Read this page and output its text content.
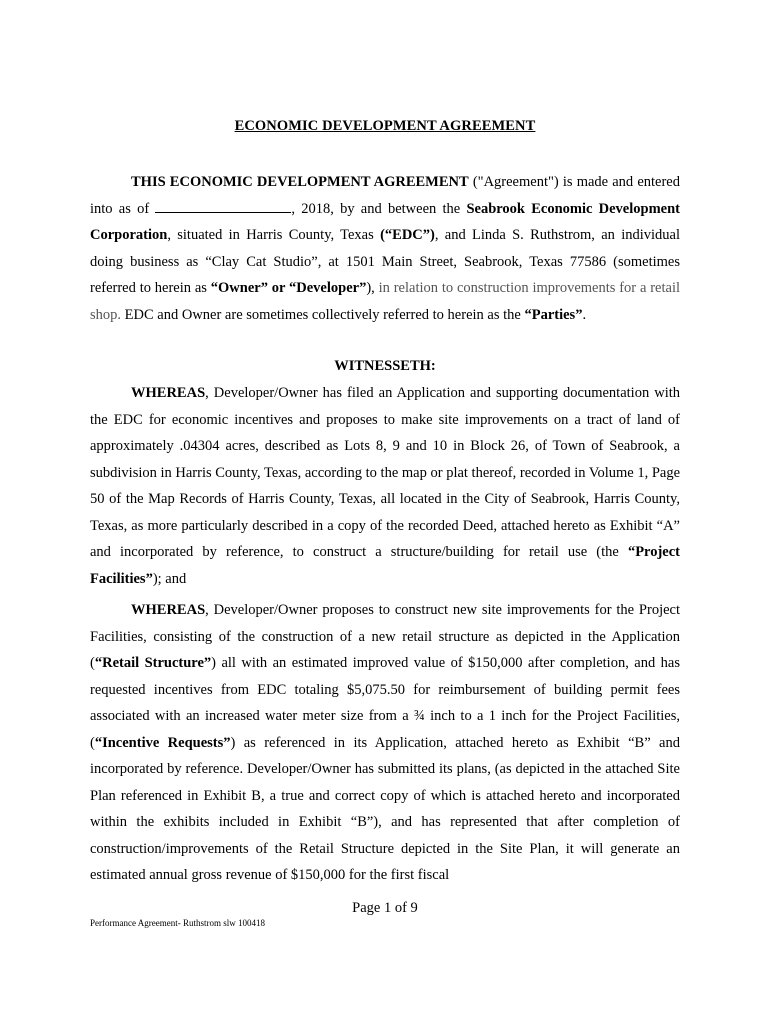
ECONOMIC DEVELOPMENT AGREEMENT
THIS ECONOMIC DEVELOPMENT AGREEMENT ("Agreement") is made and entered into as of	, 2018, by and between the Seabrook Economic Development Corporation, situated in Harris County, Texas (“EDC”), and Linda S. Ruthstrom, an individual doing business as “Clay Cat Studio”, at 1501 Main Street, Seabrook, Texas 77586 (sometimes referred to herein as “Owner” or “Developer”), in relation to construction improvements for a retail shop. EDC and Owner are sometimes collectively referred to herein as the “Parties”.
WITNESSETH:
WHEREAS, Developer/Owner has filed an Application and supporting documentation with the EDC for economic incentives and proposes to make site improvements on a tract of land of approximately .04304 acres, described as Lots 8, 9 and 10 in Block 26, of Town of Seabrook, a subdivision in Harris County, Texas, according to the map or plat thereof, recorded in Volume 1, Page 50 of the Map Records of Harris County, Texas, all located in the City of Seabrook, Harris County, Texas, as more particularly described in a copy of the recorded Deed, attached hereto as Exhibit “A” and incorporated by reference, to construct a structure/building for retail use (the “Project Facilities”); and
WHEREAS, Developer/Owner proposes to construct new site improvements for the Project Facilities, consisting of the construction of a new retail structure as depicted in the Application (“Retail Structure”) all with an estimated improved value of $150,000 after completion, and has requested incentives from EDC totaling $5,075.50 for reimbursement of building permit fees associated with an increased water meter size from a ¾ inch to a 1 inch for the Project Facilities, (“Incentive Requests”) as referenced in its Application, attached hereto as Exhibit “B” and incorporated by reference. Developer/Owner has submitted its plans, (as depicted in the attached Site Plan referenced in Exhibit B, a true and correct copy of which is attached hereto and incorporated within the exhibits included in Exhibit “B”), and has represented that after completion of construction/improvements of the Retail Structure depicted in the Site Plan, it will generate an estimated annual gross revenue of $150,000 for the first fiscal
Page 1 of 9
Performance Agreement- Ruthstrom slw 100418
